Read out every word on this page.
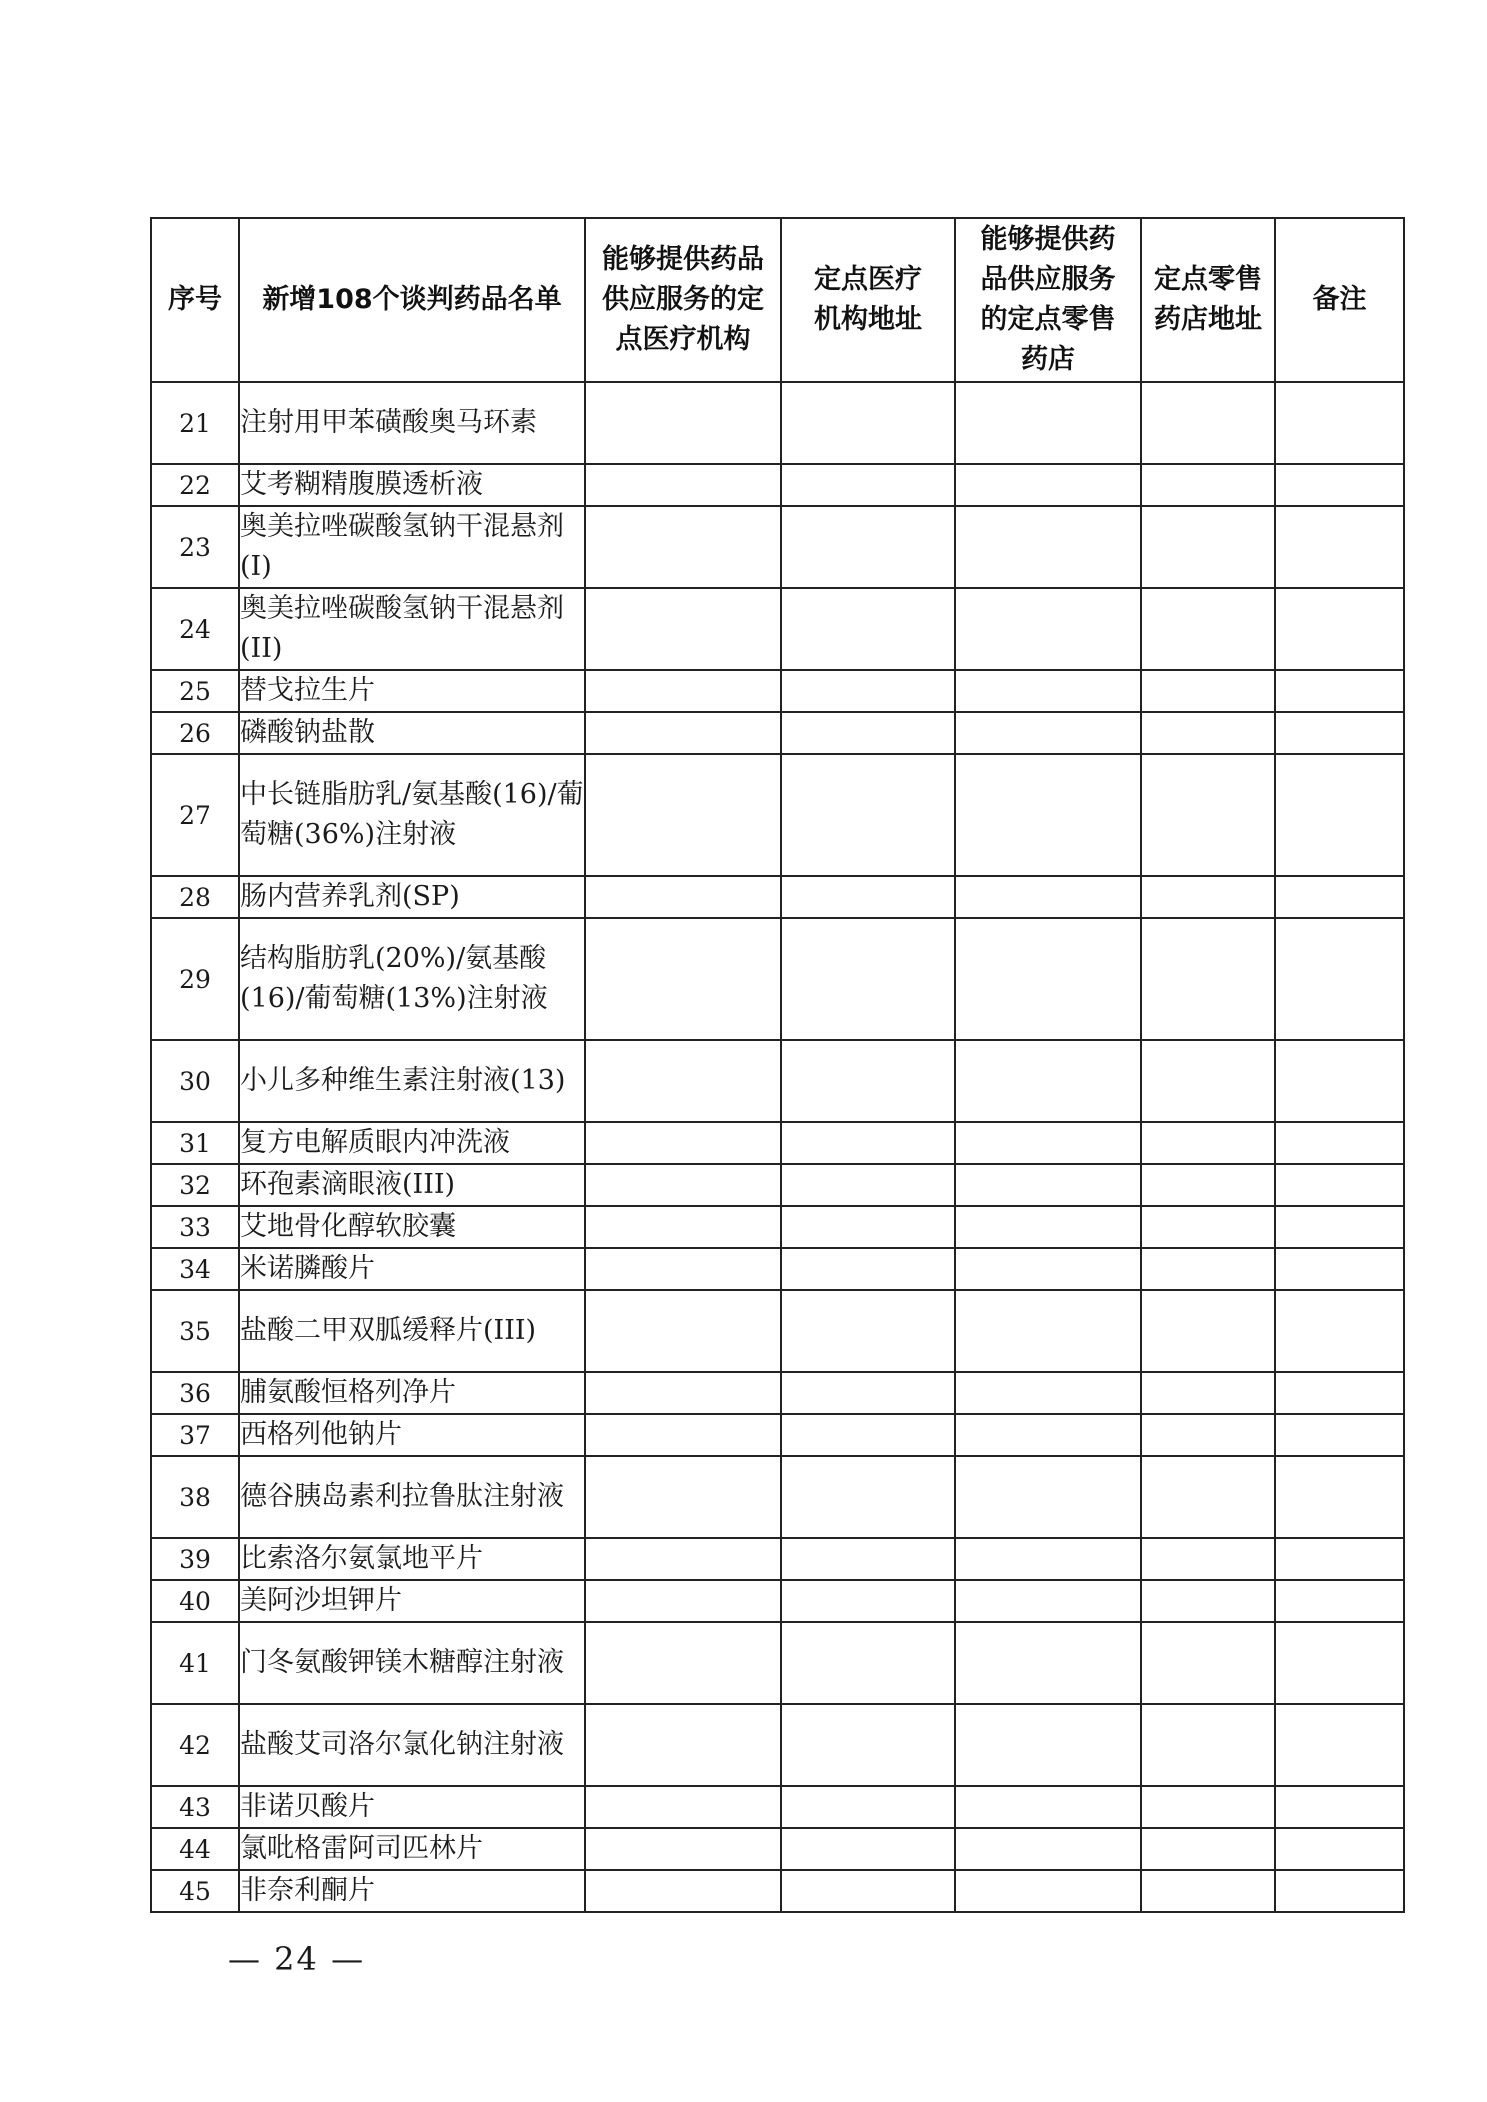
序号	新增108个谈判药品名单	能够提供药品供应服务的定点医疗机构	定点医疗机构地址	能够提供药品供应服务的定点零售药店	定点零售药店地址	备注

21	注射用甲苯磺酸奥马环素					
22	艾考糊精腹膜透析液					
23	奥美拉唑碳酸氢钠干混悬剂(I)					
24	奥美拉唑碳酸氢钠干混悬剂(II)					
25	替戈拉生片					
26	磷酸钠盐散					
27	中长链脂肪乳/氨基酸(16)/葡萄糖(36%)注射液					
28	肠内营养乳剂(SP)					
29	结构脂肪乳(20%)/氨基酸(16)/葡萄糖(13%)注射液					
30	小儿多种维生素注射液(13)					
31	复方电解质眼内冲洗液					
32	环孢素滴眼液(III)					
33	艾地骨化醇软胶囊					
34	米诺膦酸片					
35	盐酸二甲双胍缓释片(III)					
36	脯氨酸恒格列净片					
37	西格列他钠片					
38	德谷胰岛素利拉鲁肽注射液					
39	比索洛尔氨氯地平片					
40	美阿沙坦钾片					
41	门冬氨酸钾镁木糖醇注射液					
42	盐酸艾司洛尔氯化钠注射液					
43	非诺贝酸片					
44	氯吡格雷阿司匹林片					
45	非奈利酮片					
— 24 —
